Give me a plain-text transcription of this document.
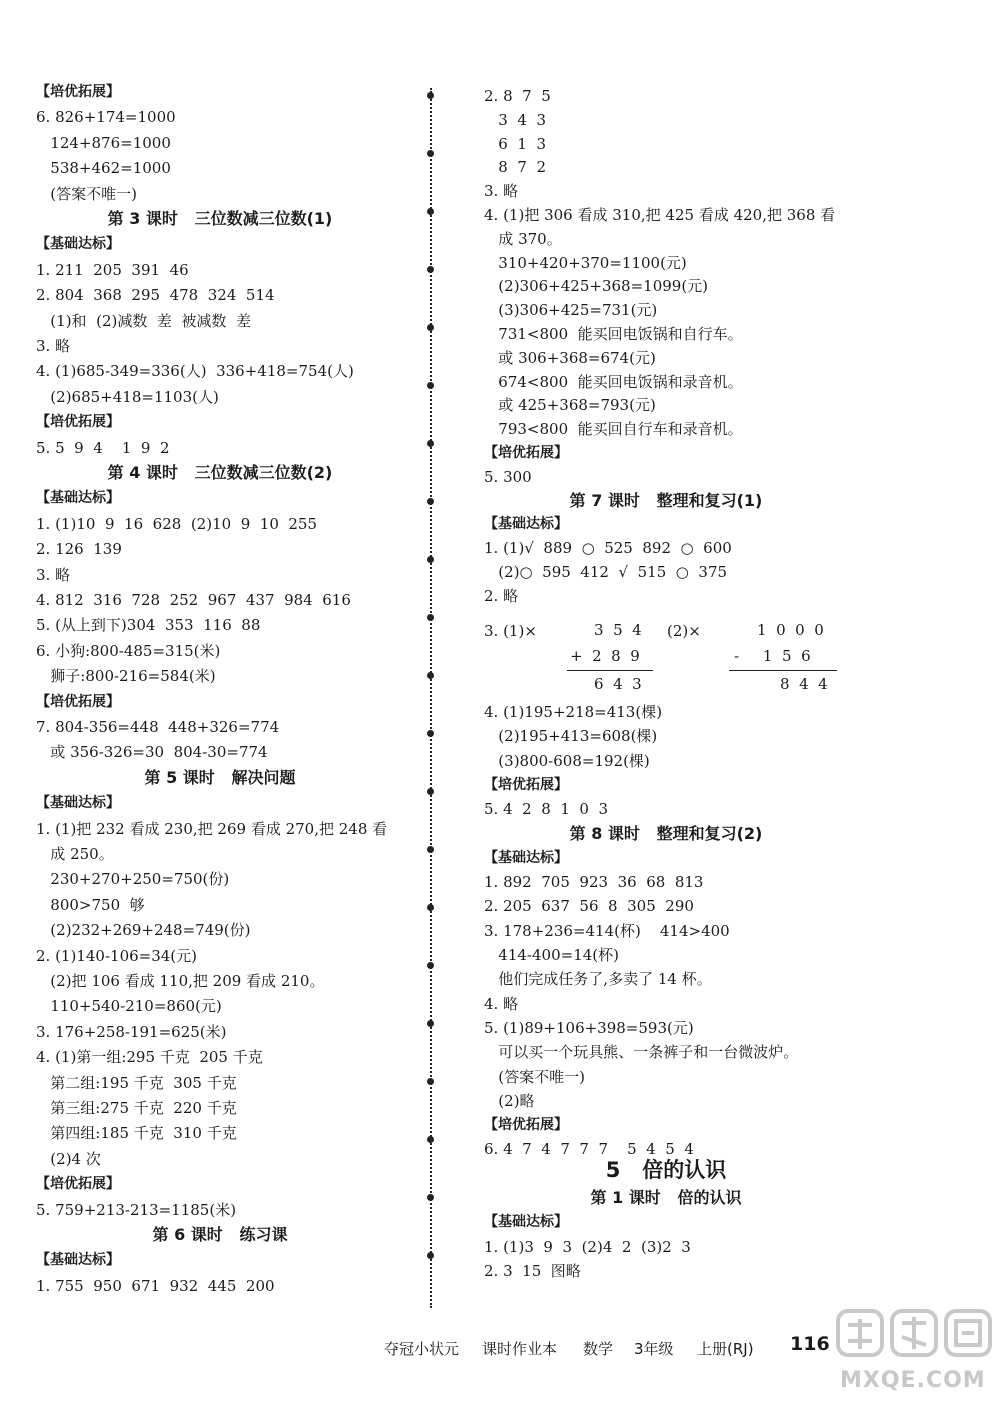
【培优拓展】
6. 826+174=1000
124+876=1000
538+462=1000
(答案不唯一)
第 3 课时   三位数减三位数(1)
【基础达标】
1. 211  205  391  46
2. 804  368  295  478  324  514
(1)和  (2)减数  差  被减数  差
3. 略
4. (1)685-349=336(人)  336+418=754(人)
(2)685+418=1103(人)
【培优拓展】
5. 5  9  4    1  9  2
第 4 课时   三位数减三位数(2)
【基础达标】
1. (1)10  9  16  628  (2)10  9  10  255
2. 126  139
3. 略
4. 812  316  728  252  967  437  984  616
5. (从上到下)304  353  116  88
6. 小狗:800-485=315(米)
狮子:800-216=584(米)
【培优拓展】
7. 804-356=448  448+326=774
或 356-326=30  804-30=774
第 5 课时   解决问题
【基础达标】
1. (1)把 232 看成 230,把 269 看成 270,把 248 看
成 250。
230+270+250=750(份)
800>750  够
(2)232+269+248=749(份)
2. (1)140-106=34(元)
(2)把 106 看成 110,把 209 看成 210。
110+540-210=860(元)
3. 176+258-191=625(米)
4. (1)第一组:295 千克  205 千克
第二组:195 千克  305 千克
第三组:275 千克  220 千克
第四组:185 千克  310 千克
(2)4 次
【培优拓展】
5. 759+213-213=1185(米)
第 6 课时   练习课
【基础达标】
1. 755  950  671  932  445  200
2. 8  7  5
3  4  3
6  1  3
8  7  2
3. 略
4. (1)把 306 看成 310,把 425 看成 420,把 368 看
成 370。
310+420+370=1100(元)
(2)306+425+368=1099(元)
(3)306+425=731(元)
731<800  能买回电饭锅和自行车。
或 306+368=674(元)
674<800  能买回电饭锅和录音机。
或 425+368=793(元)
793<800  能买回自行车和录音机。
【培优拓展】
5. 300
第 7 课时   整理和复习(1)
【基础达标】
1. (1)√  889  ○  525  892  ○  600
(2)○  595  412  √  515  ○  375
2. 略
3. (1)×	3  5  4
+  2  8  9
6  4  3
(2)×	1  0  0  0
-     1  5  6
8  4  4
4. (1)195+218=413(棵)
(2)195+413=608(棵)
(3)800-608=192(棵)
【培优拓展】
5. 4  2  8  1  0  3
第 8 课时   整理和复习(2)
【基础达标】
1. 892  705  923  36  68  813
2. 205  637  56  8  305  290
3. 178+236=414(杯)    414>400
414-400=14(杯)
他们完成任务了,多卖了 14 杯。
4. 略
5. (1)89+106+398=593(元)
可以买一个玩具熊、一条裤子和一台微波炉。
(答案不唯一)
(2)略
【培优拓展】
6. 4  7  4  7  7  7    5  4  5  4
5   倍的认识
第 1 课时   倍的认识
【基础达标】
1. (1)3  9  3  (2)4  2  (3)2  3
2. 3  15  图略
夺冠小状元 课时作业本 数学 3年级 上册(RJ) 116
MXQE.COM
